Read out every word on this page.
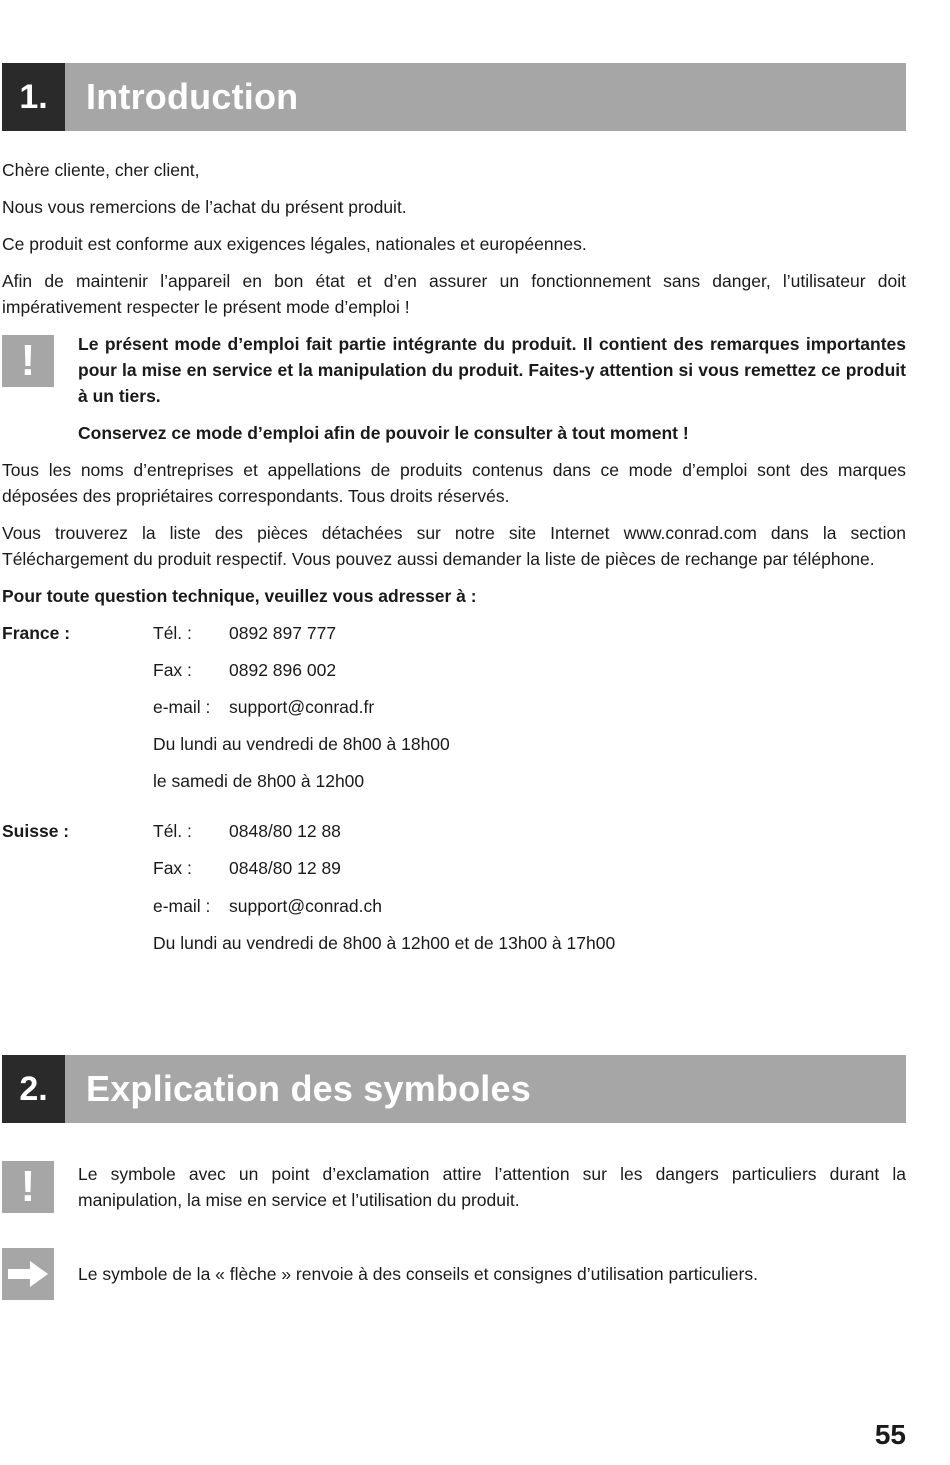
1.	Introduction

Chère cliente, cher client,

Nous vous remercions de l’achat du présent produit.

Ce produit est conforme aux exigences légales, nationales et européennes.

Afin de maintenir l’appareil en bon état et d’en assurer un fonctionnement sans danger, l’utilisateur doit impérativement respecter le présent mode d’emploi !

! Le présent mode d’emploi fait partie intégrante du produit. Il contient des remarques importantes pour la mise en service et la manipulation du produit. Faites-y attention si vous remettez ce produit à un tiers.

Conservez ce mode d’emploi afin de pouvoir le consulter à tout moment !

Tous les noms d’entreprises et appellations de produits contenus dans ce mode d’emploi sont des marques déposées des propriétaires correspondants. Tous droits réservés.

Vous trouverez la liste des pièces détachées sur notre site Internet www.conrad.com dans la section Téléchargement du produit respectif. Vous pouvez aussi demander la liste de pièces de rechange par téléphone.

Pour toute question technique, veuillez vous adresser à :

France :	Tél. : 0892 897 777
Fax : 0892 896 002
e-mail : support@conrad.fr
Du lundi au vendredi de 8h00 à 18h00
le samedi de 8h00 à 12h00
Suisse :	Tél. : 0848/80 12 88
Fax : 0848/80 12 89
e-mail : support@conrad.ch
Du lundi au vendredi de 8h00 à 12h00 et de 13h00 à 17h00
2.	Explication des symboles
! Le symbole avec un point d’exclamation attire l’attention sur les dangers particuliers durant la manipulation, la mise en service et l’utilisation du produit.

Le symbole de la « flèche » renvoie à des conseils et consignes d’utilisation particuliers.

55
